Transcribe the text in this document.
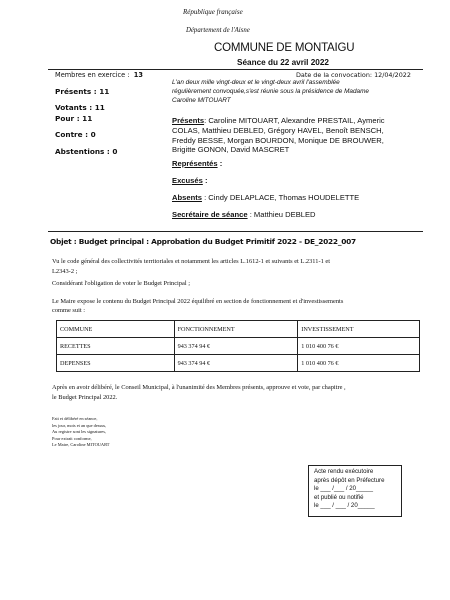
République française
Département de l'Aisne
COMMUNE DE MONTAIGU
Séance du 22 avril 2022
Membres en exercice : 13
Présents : 11
Votants : 11
Pour : 11
Contre : 0
Abstentions : 0
Date de la convocation: 12/04/2022
L'an deux mille vingt-deux et le vingt-deux avril l'assemblée
régulièrement convoquée,s'est réunie sous la présidence de Madame
Caroline MITOUART
Présents: Caroline MITOUART, Alexandre PRESTAIL, Aymeric
COLAS, Matthieu DEBLED, Grégory HAVEL, Benoît BENSCH,
Freddy BESSE, Morgan BOURDON, Monique DE BROUWER,
Brigitte GONON, David MASCRET
Représentés :
Excusés :
Absents : Cindy DELAPLACE, Thomas HOUDELETTE
Secrétaire de séance : Matthieu DEBLED
Objet : Budget principal : Approbation du Budget Primitif 2022 - DE_2022_007
Vu le code général des collectivités territoriales et notamment les articles L.1612-1 et suivants et L.2311-1 et
L2343-2 ;
Considérant l'obligation de voter le Budget Principal ;
Le Maire expose le contenu du Budget Principal 2022 équilibré en section de fonctionnement et d'investissements
comme suit :
COMMUNE	FONCTIONNEMENT	INVESTISSEMENT
RECETTES	943 374 94 €	1 010 400 76 €
DEPENSES	943 374 94 €	1 010 400 76 €
Après en avoir délibéré, le Conseil Municipal, à l'unanimité des Membres présents, approuve et vote, par chapitre ,
le Budget Principal 2022.
Fait et délibéré en séance,
les jour, mois et an que dessus,
Au registre sont les signatures,
Pour extrait conforme,
Le Maire, Caroline MITOUART
Acte rendu exécutoire
après dépôt en Préfecture
le ___ /___ / 20_____
et publié ou notifié
le ___ / ___ / 20_____
